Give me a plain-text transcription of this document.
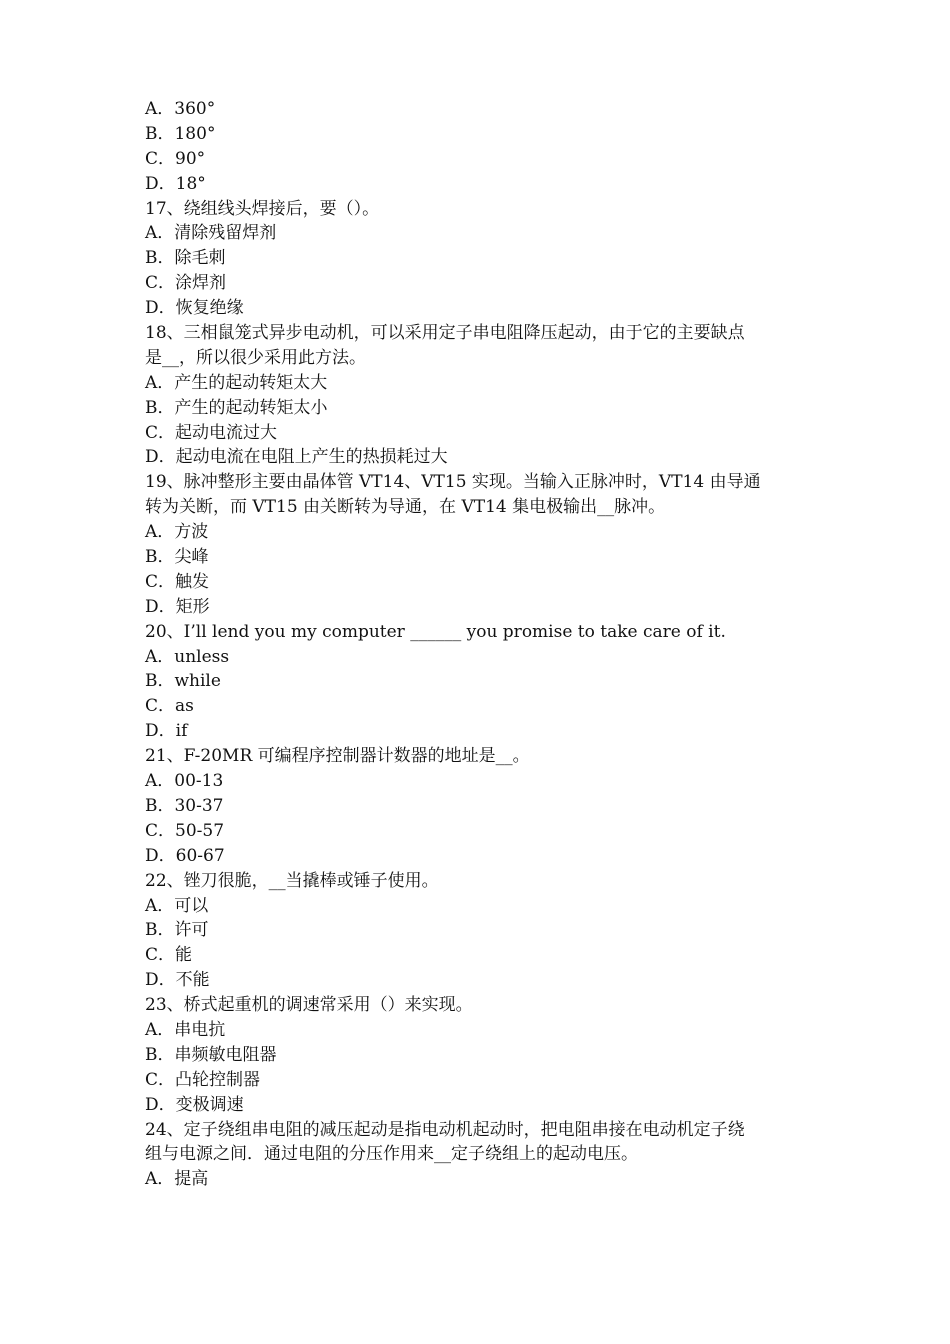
A．360°
B．180°
C．90°
D．18°
17、绕组线头焊接后，要（）。
A．清除残留焊剂
B．除毛刺
C．涂焊剂
D．恢复绝缘
18、三相鼠笼式异步电动机，可以采用定子串电阻降压起动，由于它的主要缺点
是__，所以很少采用此方法。
A．产生的起动转矩太大
B．产生的起动转矩太小
C．起动电流过大
D．起动电流在电阻上产生的热损耗过大
19、脉冲整形主要由晶体管 VT14、VT15 实现。当输入正脉冲时，VT14 由导通
转为关断，而 VT15 由关断转为导通，在 VT14 集电极输出__脉冲。
A．方波
B．尖峰
C．触发
D．矩形
20、I’ll lend you my computer ______ you promise to take care of it.
A．unless
B．while
C．as
D．if
21、F-20MR 可编程序控制器计数器的地址是__。
A．00-13
B．30-37
C．50-57
D．60-67
22、锉刀很脆，__当撬棒或锤子使用。
A．可以
B．许可
C．能
D．不能
23、桥式起重机的调速常采用（）来实现。
A．串电抗
B．串频敏电阻器
C．凸轮控制器
D．变极调速
24、定子绕组串电阻的减压起动是指电动机起动时，把电阻串接在电动机定子绕
组与电源之间．通过电阻的分压作用来__定子绕组上的起动电压。
A．提高
